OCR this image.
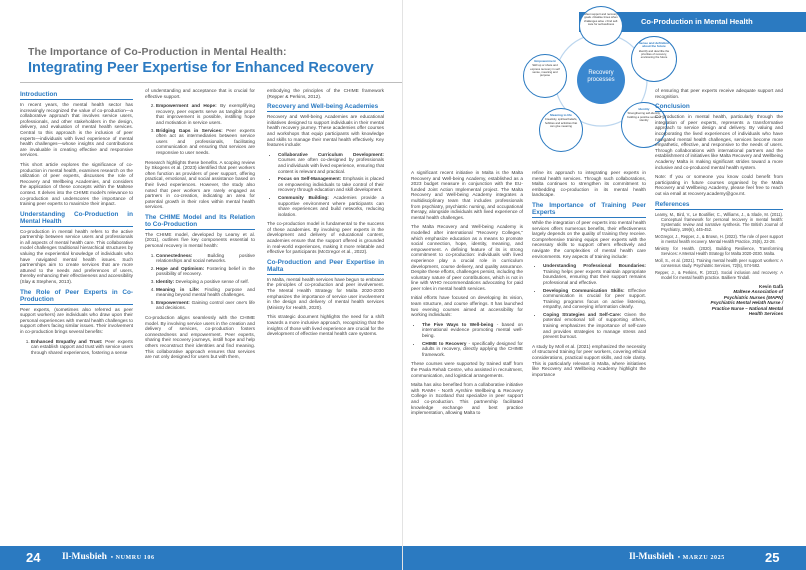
The Importance of Co-Production in Mental Health:
Integrating Peer Expertise for Enhanced Recovery
Introduction

In recent years, the mental health sector has increasingly recognized the value of co-production—a collaborative approach that involves service users, professionals, and other stakeholders in the design, delivery, and evaluation of mental health services. Central to this approach is the inclusion of peer experts—individuals with lived experience of mental health challenges—whose insights and contributions are invaluable in creating effective and responsive services.

This short article explores the significance of co-production in mental health, examines research on the utilization of peer experts, discusses the role of Recovery and Wellbeing Academies, and considers the application of these concepts within the Maltese context. It delves into the CHIME model's relevance to co-production and underscores the importance of training peer experts to maximize their impact.

Understanding Co-Production in Mental Health

Co-production in mental health refers to the active partnership between service users and professionals in all aspects of mental health care. This collaborative model challenges traditional hierarchical structures by valuing the experiential knowledge of individuals who have navigated mental health issues. Such partnerships aim to create services that are more attuned to the needs and preferences of users, thereby enhancing their effectiveness and accessibility (Slay & Stephens, 2013).

The Role of Peer Experts in Co-Production

Peer experts, (sometimes also referred as peer support workers) are individuals who draw upon their personal experiences with mental health challenges to support others facing similar issues. Their involvement in co-production brings several benefits:

1. Enhanced Empathy and Trust: Peer experts can establish rapport and trust with service users through shared experiences, fostering a sense

of understanding and acceptance that is crucial for effective support.

2. Empowerment and Hope: By exemplifying recovery, peer experts serve as tangible proof that improvement is possible, instilling hope and motivation in service users.
3. Bridging Gaps in Services: Peer experts often act as intermediaries between service users and professionals, facilitating communication and ensuring that services are responsive to user needs.

Research highlights these benefits. A scoping review by Skogens et al. (2023) identified that peer workers often function as providers of peer support, offering practical, emotional, and social assistance based on their lived experiences. However, the study also noted that peer workers are rarely engaged as partners in co-creation, indicating an area for potential growth in their roles within mental health services.

The CHIME Model and Its Relation to Co-Production

The CHIME model, developed by Leamy et al. (2011), outlines five key components essential to personal recovery in mental health:

1. Connectedness:	Building positive relationships and social networks.
2. Hope and Optimism: Fostering belief in the possibility of recovery.
3. Identity: Developing a positive sense of self.
4. Meaning in Life: Finding purpose and meaning beyond mental health challenges.
5. Empowerment: Gaining control over one's life and decisions.

Co-production aligns seamlessly with the CHIME model. By involving service users in the creation and delivery of services, co-production fosters connectedness and empowerment. Peer experts, sharing their recovery journeys, instill hope and help others reconstruct their identities and find meaning. This collaborative approach ensures that services are not only designed for users but with them,

embodying the principles of the CHIME framework (Repper & Perkins, 2012).

Recovery and Well-being Academies

Recovery and Well-being Academies are educational initiatives designed to support individuals in their mental health recovery journey. These academies offer courses and workshops that equip participants with knowledge and skills to manage their mental health effectively. Key features include:

• Collaborative Curriculum Development: Courses are often co-designed by professionals and individuals with lived experience, ensuring that content is relevant and practical.
• Focus on Self-Management: Emphasis is placed on empowering individuals to take control of their recovery through education and skill development.
• Community Building: Academies provide a supportive environment where participants can share experiences and build networks, reducing isolation.

The co-production model is fundamental to the success of these academies. By involving peer experts in the development and delivery of educational content, academies ensure that the support offered is grounded in real-world experiences, making it more relatable and effective for participants (McGregor et al., 2022).

Co-Production and Peer Expertise in Malta

In Malta, mental health services have begun to embrace the principles of co-production and peer involvement. The Mental Health Strategy for Malta 2020-2030 emphasizes the importance of service user involvement in the design and delivery of mental health services (Ministry for Health, 2020).

This strategic document highlights the need for a shift towards a more inclusive approach, recognizing that the insights of those with lived experience are crucial for the development of effective mental health care systems.

24 Il-Musbieh • NUMRU 106
Co-Production in Mental Health
Meet support and recovery goals • Realise times when challenges arise • Find self-care for self-wellness
Sense and definition about the future
Identify and describe the priorities of recovery, envisioning the future
Empowerment
Skill up or share and express recovery in self sense, meaning and purpose
Meaning to life
Creativity, spiritual beliefs, hobbies and activities that can give meaning
Identity
Strengthening self-identity, building a positive sense of identity
Recovery processes

A significant recent initiative in Malta is the Malta Recovery and Well-being Academy, established as a 2023 budget measure in conjunction with the EU-funded Joint Action Implemental project. The Malta Recovery and Well-being Academy integrates a multidisciplinary team that includes professionals from psychiatry, psychiatric nursing, and occupational therapy, alongside individuals with lived experience of mental health challenges.

The Malta Recovery and Well-being Academy is modelled after international "Recovery Colleges," which emphasize education as a means to promote social connection, hope, identity, meaning, and empowerment. A defining feature of its is strong commitment to co-production: individuals with lived experience play a crucial role in curriculum development, course delivery, and quality assurance. Despite these efforts, challenges persist, including the voluntary nature of peer contributions, which is not in line with WHO recommendations advocating for paid peer roles in mental health services.

Initial efforts have focused on developing its vision, team structure, and course offerings. It has launched two evening courses aimed at accessibility for working individuals:

• The Five Ways to Well-being - based on international evidence promoting mental well-being.
• CHIME to Recovery - specifically designed for adults in recovery, directly applying the CHIME framework.

These courses were supported by trained staff from the Paola Rehab Centre, who assisted in recruitment, communication, and logistical arrangements.

Malta has also benefited from a collaborative initiative with RAMH - North Ayrshire Wellbeing & Recovery College in Scotland that specialize in peer support and co-production. This partnership facilitated knowledge exchange and best practice implementation, allowing Malta to

refine its approach to integrating peer experts in mental health services. Through such collaborations, Malta continues to strengthen its commitment to embedding co-production in its mental health landscape.

The Importance of Training Peer Experts

While the integration of peer experts into mental health services offers numerous benefits, their effectiveness largely depends on the quality of training they receive. Comprehensive training equips peer experts with the necessary skills to support others effectively and navigate the complexities of mental health care environments. Key aspects of training include:

• Understanding Professional Boundaries: Training helps peer experts maintain appropriate boundaries, ensuring that their support remains professional and effective.
• Developing Communication Skills: Effective communication is crucial for peer support. Training programs focus on active listening, empathy, and conveying information clearly.
• Coping Strategies and Self-Care: Given the potential emotional toll of supporting others, training emphasizes the importance of self-care and provides strategies to manage stress and prevent burnout.

A study by Moll et al. (2021) emphasized the necessity of structured training for peer workers, covering ethical considerations, practical support skills, and role clarity. This is particularly relevant in Malta, where initiatives like Recovery and Wellbeing Academy highlight the importance

of ensuring that peer experts receive adequate support and recognition.

Conclusion

Co-production in mental health, particularly through the integration of peer experts, represents a transformative approach to service design and delivery. By valuing and incorporating the lived experiences of individuals who have navigated mental health challenges, services become more empathetic, effective, and responsive to the needs of users. Through collaborations with international partners and the establishment of initiatives like Malta Recovery and Wellbeing Academy Malta is making significant strides toward a more inclusive and co-produced mental health system.

Note: If you or someone you know could benefit from participating in future courses organised by the Malta Recovery and Wellbeing Academy, please feel free to reach out via email at recovery.academy@gov.mt.

References

Leamy, M., Bird, V., Le Boutillier, C., Williams, J., & Slade, M. (2011). Conceptual framework for personal recovery in mental health: Systematic review and narrative synthesis. The British Journal of Psychiatry, 199(6), 445-452.

McGregor, J., Repper, J., & Brown, H. (2022). The role of peer support in mental health recovery. Mental Health Practice, 25(6), 22-28.

Ministry for Health. (2020). Building Resilience, Transforming Services: A Mental Health Strategy for Malta 2020-2030. Malta.

Moll, S., et al. (2021). Training mental health peer support workers: A consensus study. Psychiatric Services, 72(5), 574-582.

Repper, J., & Perkins, R. (2012). Social inclusion and recovery: A model for mental health practice. Bailliere Tindall.

Kevin Gafà
Maltese Association of
Psychiatric Nurses (MAPN)
Psychiatric Mental Helath Nurse /
Practice Nurse – National Mental
Health Services
Il-Musbieh • MARZU 2025	25
